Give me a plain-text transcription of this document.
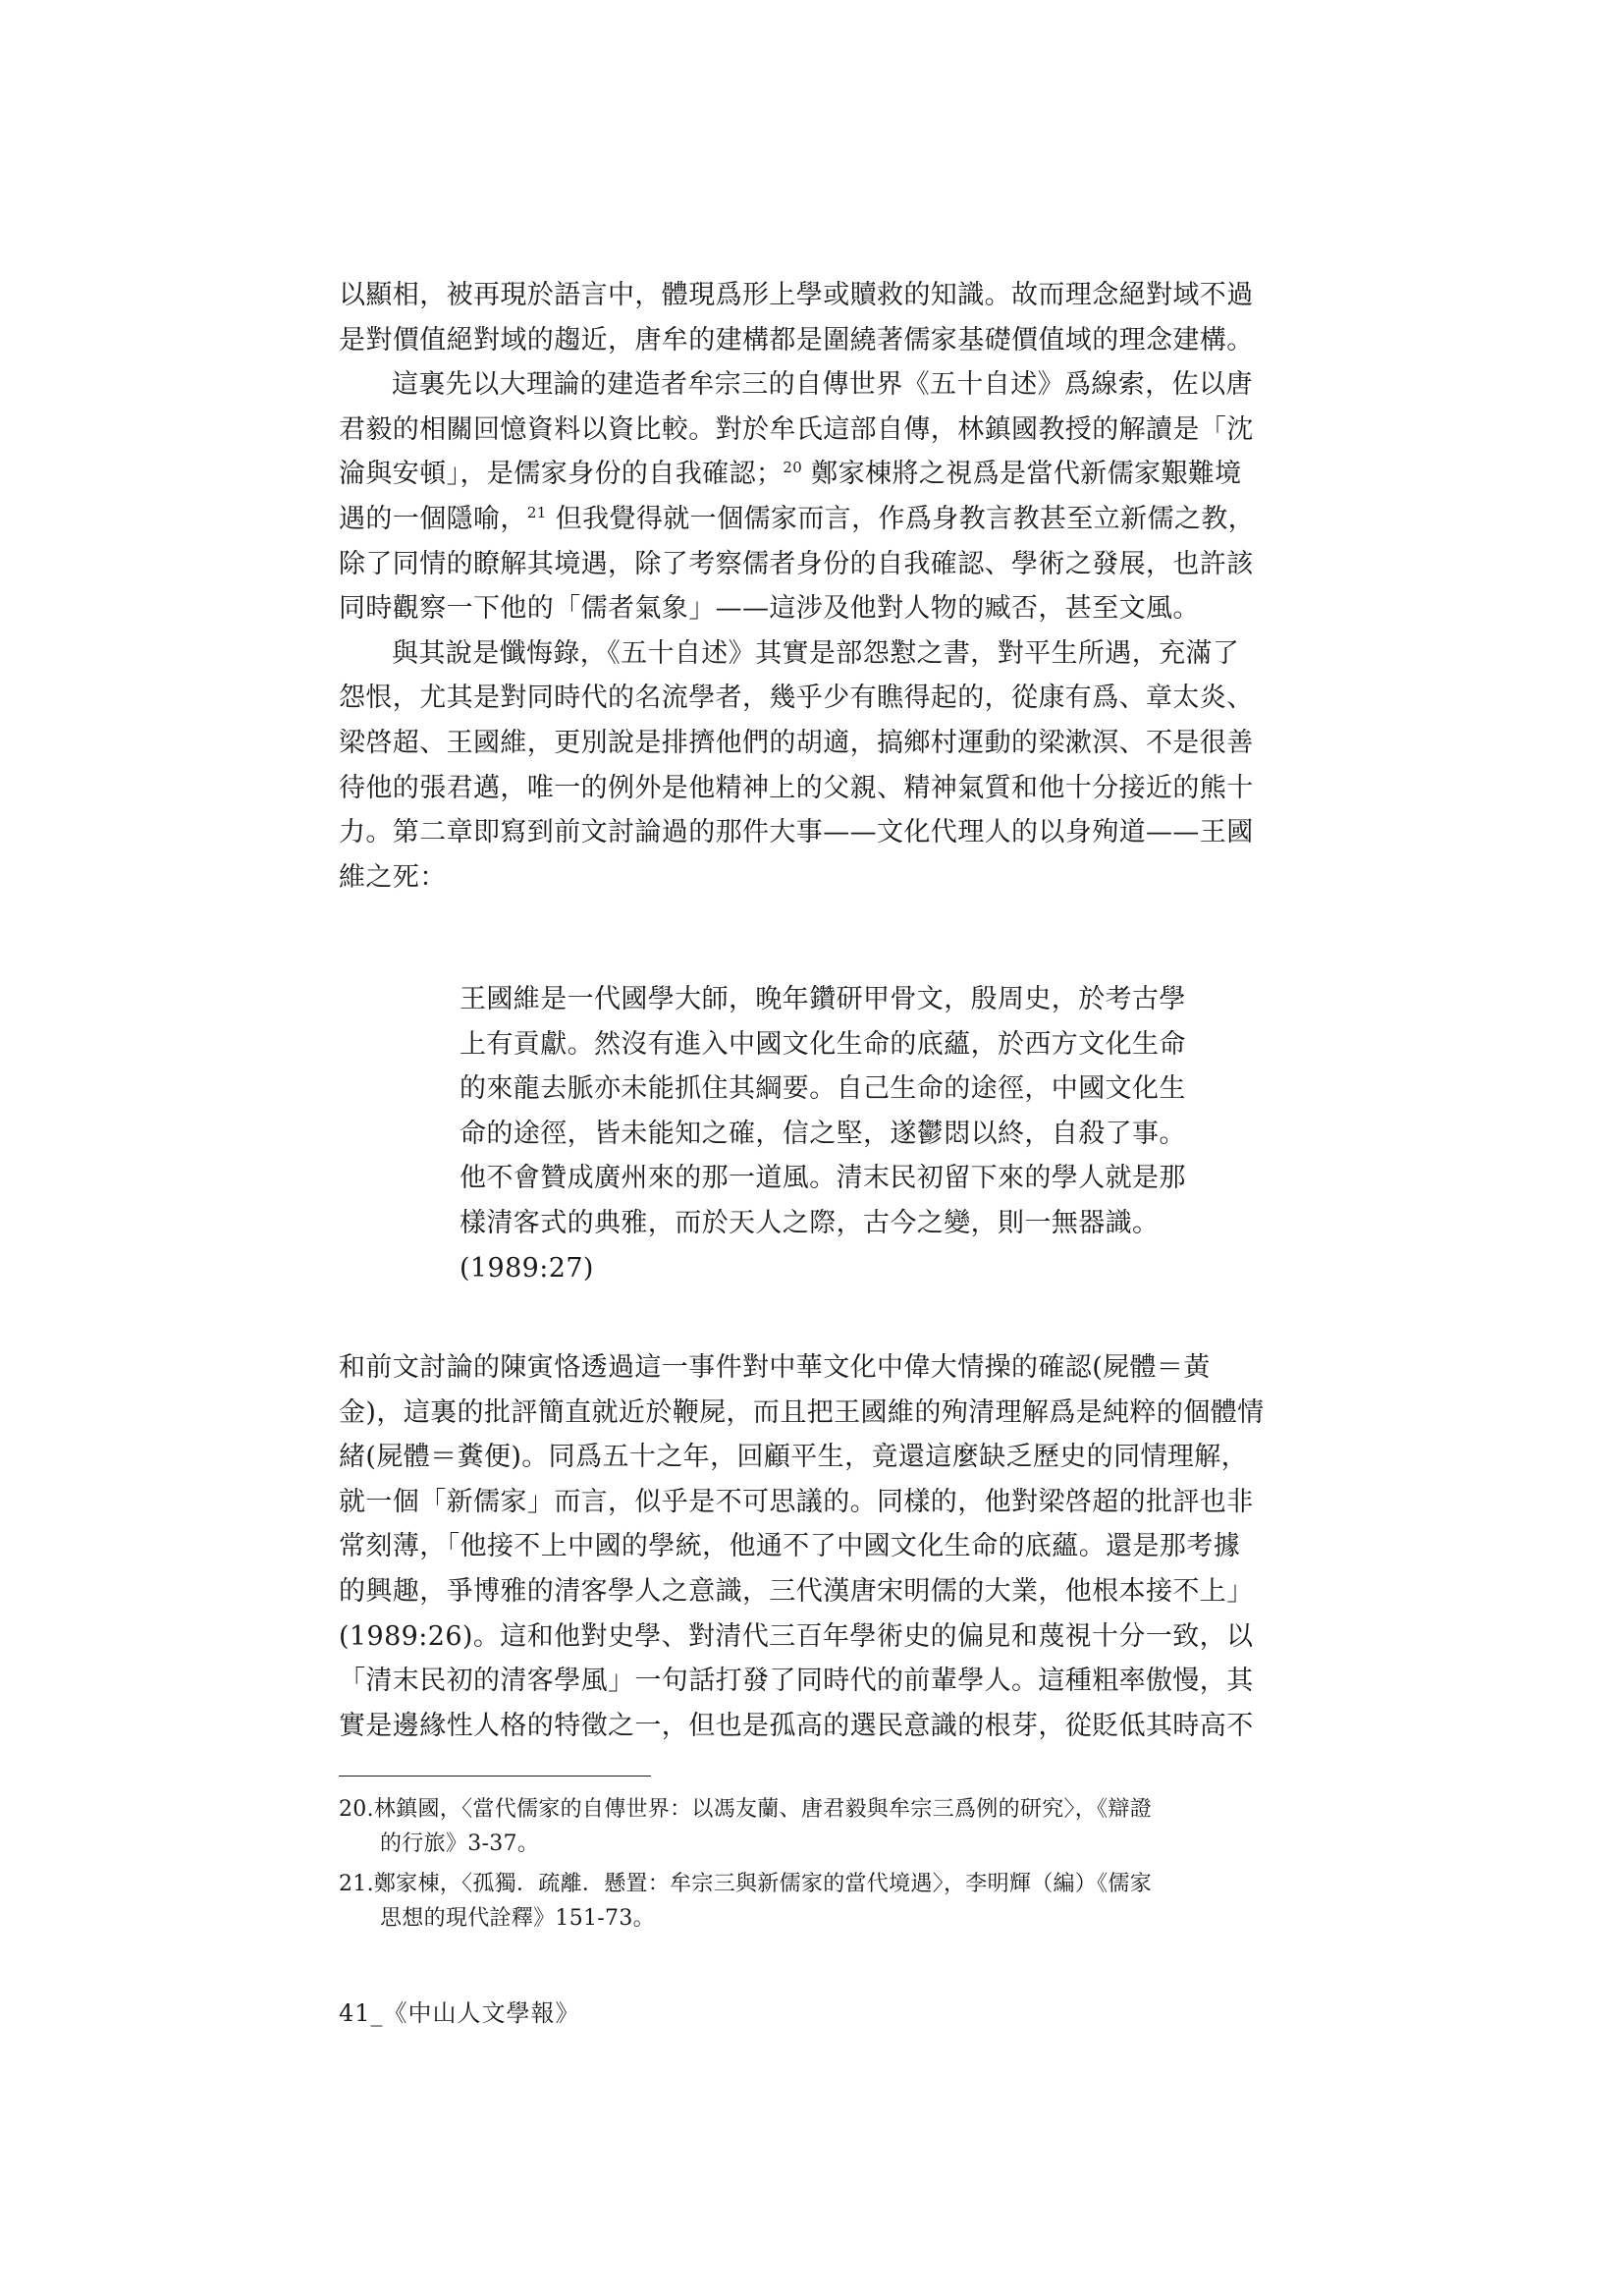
以顯相，被再現於語言中，體現爲形上學或贖救的知識。故而理念絕對域不過
是對價值絕對域的趨近，唐牟的建構都是圍繞著儒家基礎價值域的理念建構。

這裏先以大理論的建造者牟宗三的自傳世界《五十自述》爲線索，佐以唐
君毅的相關回憶資料以資比較。對於牟氏這部自傳，林鎮國教授的解讀是「沈
淪與安頓」，是儒家身份的自我確認；$^{20}$ 鄭家棟將之視爲是當代新儒家艱難境
遇的一個隱喻，$^{21}$ 但我覺得就一個儒家而言，作爲身教言教甚至立新儒之教，
除了同情的瞭解其境遇，除了考察儒者身份的自我確認、學術之發展，也許該
同時觀察一下他的「儒者氣象」——這涉及他對人物的臧否，甚至文風。

與其說是懺悔錄，《五十自述》其實是部怨懟之書，對平生所遇，充滿了
怨恨，尤其是對同時代的名流學者，幾乎少有瞧得起的，從康有爲、章太炎、
梁啓超、王國維，更別說是排擠他們的胡適，搞鄉村運動的梁漱溟、不是很善
待他的張君邁，唯一的例外是他精神上的父親、精神氣質和他十分接近的熊十
力。第二章即寫到前文討論過的那件大事——文化代理人的以身殉道——王國
維之死：

王國維是一代國學大師，晚年鑽研甲骨文，殷周史，於考古學
上有貢獻。然沒有進入中國文化生命的底蘊，於西方文化生命
的來龍去脈亦未能抓住其綱要。自己生命的途徑，中國文化生
命的途徑，皆未能知之確，信之堅，遂鬱悶以終，自殺了事。
他不會贊成廣州來的那一道風。清末民初留下來的學人就是那
樣清客式的典雅，而於天人之際，古今之變，則一無器識。
(1989:27)
和前文討論的陳寅恪透過這一事件對中華文化中偉大情操的確認(屍體＝黃
金)，這裏的批評簡直就近於鞭屍，而且把王國維的殉清理解爲是純粹的個體情
緒(屍體＝糞便)。同爲五十之年，回顧平生，竟還這麼缺乏歷史的同情理解，
就一個「新儒家」而言，似乎是不可思議的。同樣的，他對梁啓超的批評也非
常刻薄，「他接不上中國的學統，他通不了中國文化生命的底蘊。還是那考據
的興趣，爭博雅的清客學人之意識，三代漢唐宋明儒的大業，他根本接不上」
(1989:26)。這和他對史學、對清代三百年學術史的偏見和蔑視十分一致，以
「清末民初的清客學風」一句話打發了同時代的前輩學人。這種粗率傲慢，其
實是邊緣性人格的特徵之一，但也是孤高的選民意識的根芽，從貶低其時高不
20.林鎮國，〈當代儒家的自傳世界：以馮友蘭、唐君毅與牟宗三爲例的研究〉，《辯證
的行旅》3-37。
21.鄭家棟，〈孤獨．疏離．懸置：牟宗三與新儒家的當代境遇〉，李明輝（編）《儒家
思想的現代詮釋》151-73。
41_《中山人文學報》
